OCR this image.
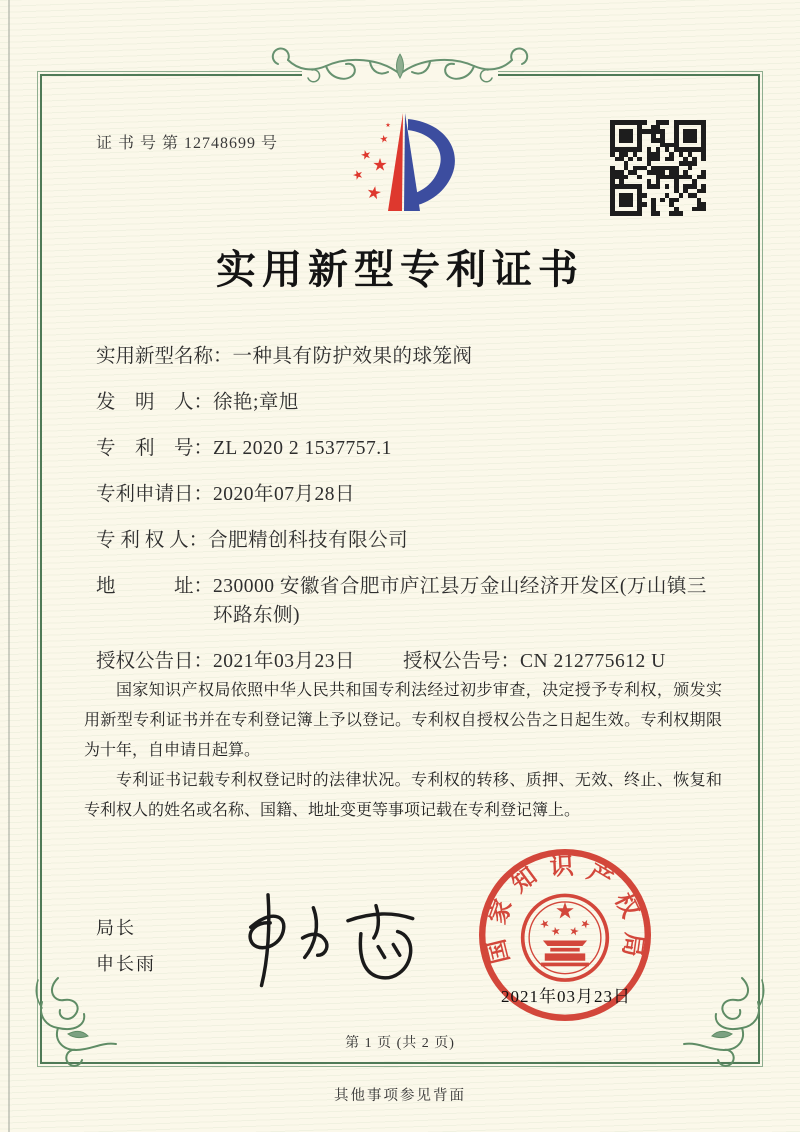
证 书 号 第 12748699 号
实用新型专利证书
实用新型名称： 一种具有防护效果的球笼阀
发　明　人： 徐艳;章旭
专　利　号： ZL 2020 2 1537757.1
专利申请日： 2020年07月28日
专 利 权 人： 合肥精创科技有限公司
地　　　址： 230000 安徽省合肥市庐江县万金山经济开发区(万山镇三环路东侧)
授权公告日： 2021年03月23日 授权公告号： CN 212775612 U

国家知识产权局依照中华人民共和国专利法经过初步审查，决定授予专利权，颁发实用新型专利证书并在专利登记簿上予以登记。专利权自授权公告之日起生效。专利权期限为十年，自申请日起算。

专利证书记载专利权登记时的法律状况。专利权的转移、质押、无效、终止、恢复和专利权人的姓名或名称、国籍、地址变更等事项记载在专利登记簿上。

局长
申长雨	国家知识产权局
2021年03月23日
第 1 页 (共 2 页)
其他事项参见背面
